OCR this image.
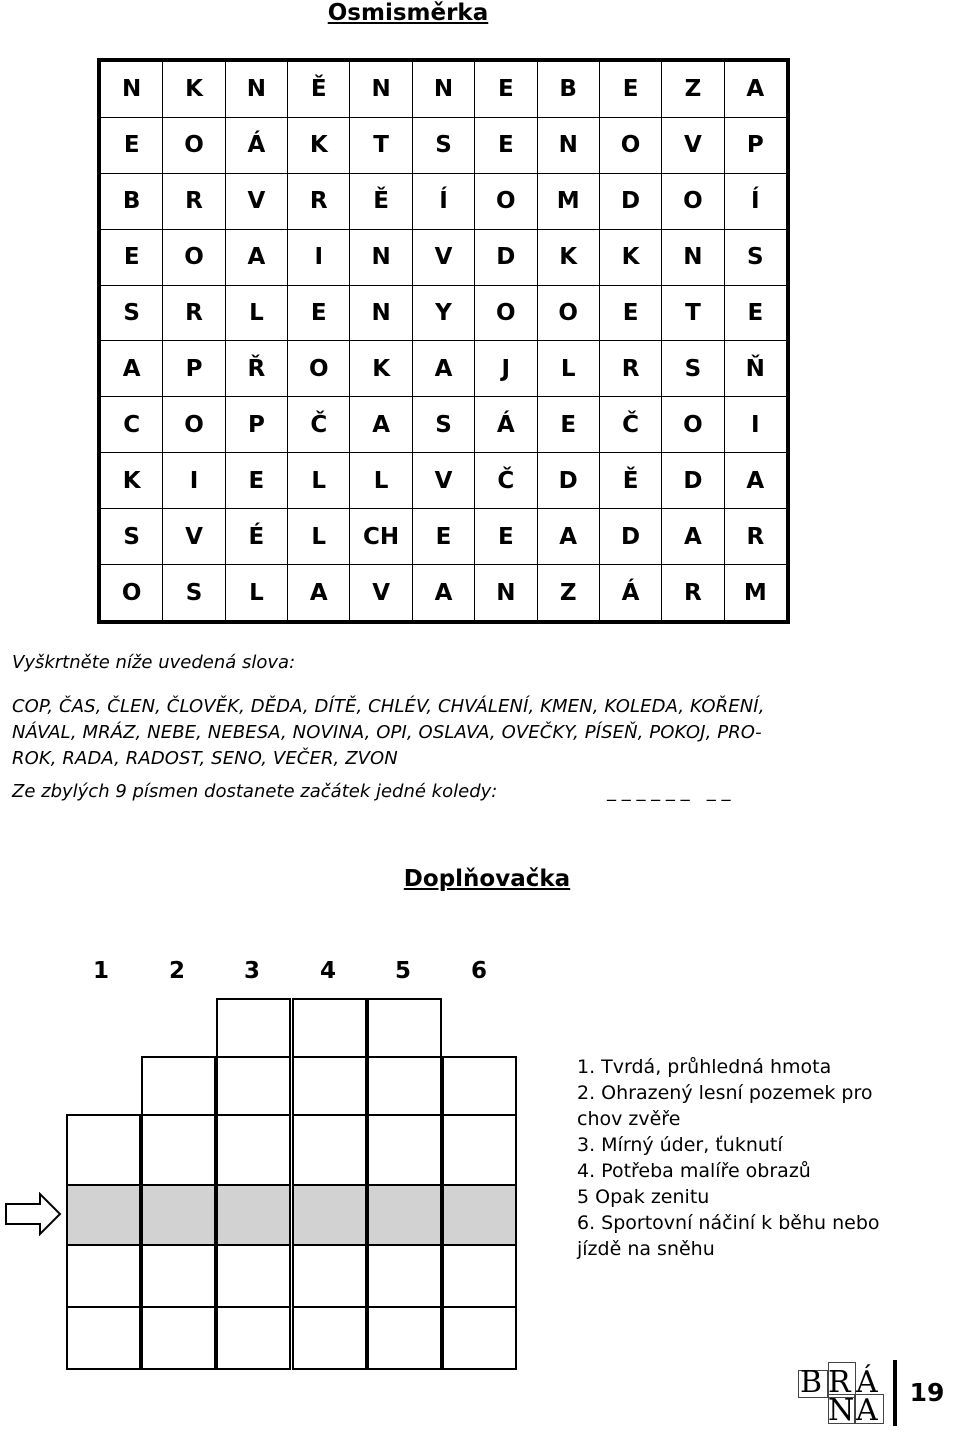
Osmisměrka
N	K	N	Ě	N	N	E	B	E	Z	A
E	O	Á	K	T	S	E	N	O	V	P
B	R	V	R	Ě	Í	O	M	D	O	Í
E	O	A	I	N	V	D	K	K	N	S
S	R	L	E	N	Y	O	O	E	T	E
A	P	Ř	O	K	A	J	L	R	S	Ň
C	O	P	Č	A	S	Á	E	Č	O	I
K	I	E	L	L	V	Č	D	Ě	D	A
S	V	É	L	CH	E	E	A	D	A	R
O	S	L	A	V	A	N	Z	Á	R	M
Vyškrtněte níže uvedená slova:
COP, ČAS, ČLEN, ČLOVĚK, DĚDA, DÍTĚ, CHLÉV, CHVÁLENÍ, KMEN, KOLEDA, KOŘENÍ,
NÁVAL, MRÁZ, NEBE, NEBESA, NOVINA, OPI, OSLAVA, OVEČKY, PÍSEŇ, POKOJ, PRO-
ROK, RADA, RADOST, SENO, VEČER, ZVON
Ze zbylých 9 písmen dostanete začátek jedné koledy:	_ _ _ _ _ _   _ _
Doplňovačka
1	2	3	4	5	6
1. Tvrdá, průhledná hmota
2. Ohrazený lesní pozemek pro
chov zvěře
3. Mírný úder, ťuknutí
4. Potřeba malíře obrazů
5 Opak zenitu
6. Sportovní náčiní k běhu nebo
jízdě na sněhu
B R Á
N A
19
